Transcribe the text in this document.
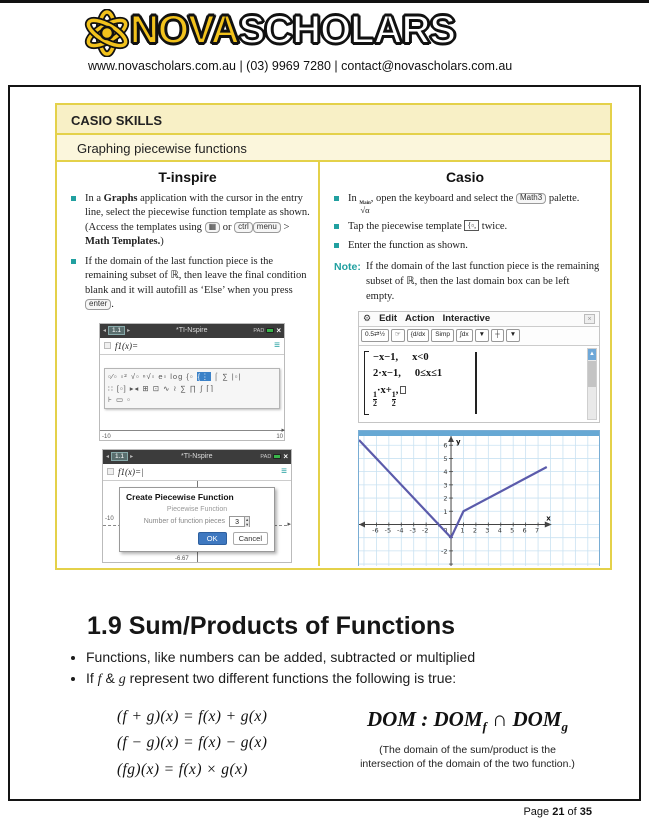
NOVASCHOLARS
www.novascholars.com.au | (03) 9969 7280 | contact@novascholars.com.au
CASIO SKILLS
Graphing piecewise functions
T-inspire
In a Graphs application with the cursor in the entry line, select the piecewise function template as shown. (Access the templates using ▦ or ctrl menu > Math Templates.)
If the domain of the last function piece is the remaining subset of ℝ, then leave the final condition blank and it will autofill as ‘Else’ when you press enter .
◂ 1.1	▸	*TI-Nspire	PAD ×
f1(x)=	≡
▫⁄▫ ▫² √▫ ⁿ√▫ e▫ log {▫ {⋮ ⌠ ∑ |▫|
∷ [▫] ▸◂ ⊞ ⊡ ∿ ≀ ∑ ∏ ∫ ⌈⌉
⊦ ▭ ▫
-10	10
▸
◂ 1.1	▸	*TI-Nspire	PAD ×
f1(x)=|	≡
-10
▸
-6.67
Create Piecewise Function
Piecewise Function
Number of function pieces	3	▴
▾
OK	Cancel
Casio
In Main
√α
, open the keyboard and select the Math3 palette.
Tap the piecewise template {▫, twice.
Enter the function as shown.
Note: If the domain of the last function piece is the remaining subset of ℝ, then the last domain box can be left empty.
⚙ Edit Action Interactive	×
0.5⇄½	☞	{d/dx	Simp	∫dx	▼	┼	▼
−x−1, x<0
2·x−1, 0≤x≤1
$\frac{1}{2}$
·x+
$\frac{1}{2}$
,
▲
-6 -5 -4 -3 -2	1 2 3 4 5 6 7
-2
1
2
3
4
5
6
0
x
y
1.9 Sum/Products of Functions
• Functions, like numbers can be added, subtracted or multiplied
• If f & g represent two different functions the following is true:
(f + g)(x) = f(x) + g(x)
(f − g)(x) = f(x) − g(x)
(fg)(x) = f(x) × g(x)
DOM : $DOM_f$ ∩ $DOM_g$
(The domain of the sum/product is the
intersection of the domain of the two function.)
Page 21 of 35
